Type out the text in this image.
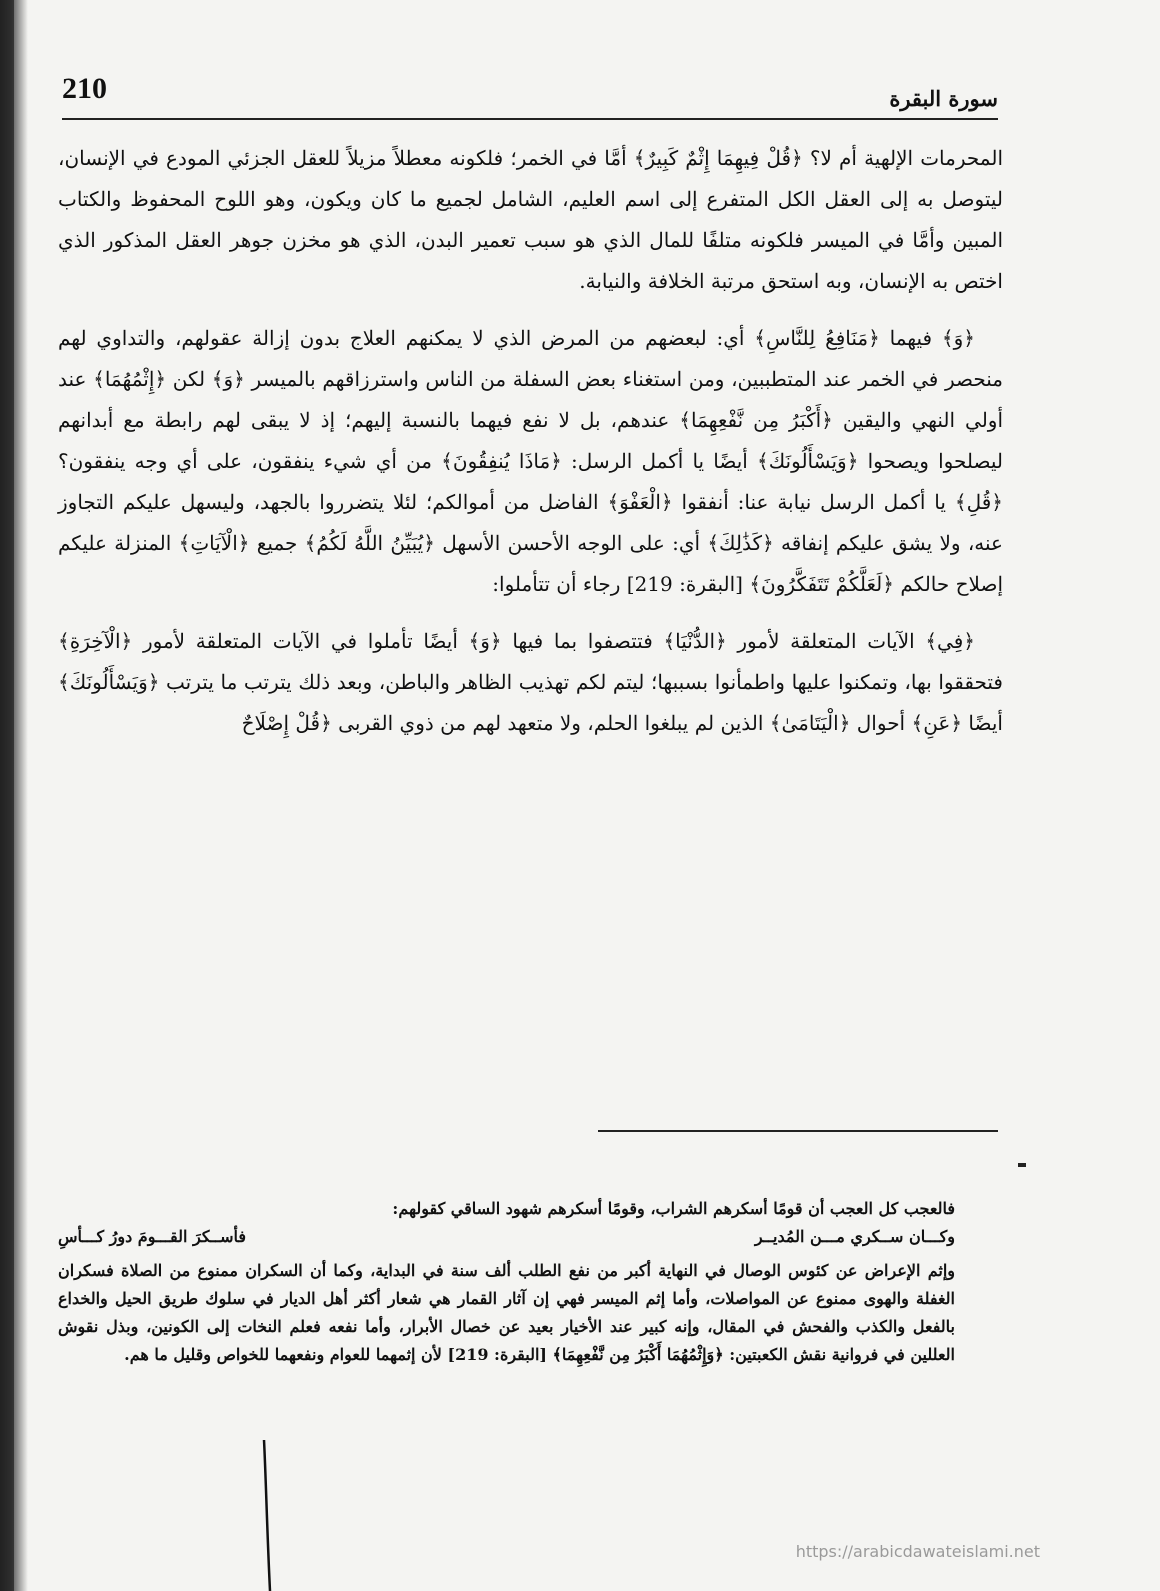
210	سورة البقرة

المحرمات الإلهية أم لا؟ ﴿قُلْ فِيهِمَا إِثْمٌ كَبِيرٌ﴾ أمَّا في الخمر؛ فلكونه معطلاً مزيلاً للعقل الجزئي المودع في الإنسان، ليتوصل به إلى العقل الكل المتفرع إلى اسم العليم، الشامل لجميع ما كان ويكون، وهو اللوح المحفوظ والكتاب المبين وأمَّا في الميسر فلكونه متلفًا للمال الذي هو سبب تعمير البدن، الذي هو مخزن جوهر العقل المذكور الذي اختص به الإنسان، وبه استحق مرتبة الخلافة والنيابة.

﴿وَ﴾ فيهما ﴿مَنَافِعُ لِلنَّاسِ﴾ أي: لبعضهم من المرض الذي لا يمكنهم العلاج بدون إزالة عقولهم، والتداوي لهم منحصر في الخمر عند المتطببين، ومن استغناء بعض السفلة من الناس واسترزاقهم بالميسر ﴿وَ﴾ لكن ﴿إِثْمُهُمَا﴾ عند أولي النهي واليقين ﴿أَكْبَرُ مِن نَّفْعِهِمَا﴾ عندهم، بل لا نفع فيهما بالنسبة إليهم؛ إذ لا يبقى لهم رابطة مع أبدانهم ليصلحوا ويصحوا ﴿وَيَسْأَلُونَكَ﴾ أيضًا يا أكمل الرسل: ﴿مَاذَا يُنفِقُونَ﴾ من أي شيء ينفقون، على أي وجه ينفقون؟ ﴿قُلِ﴾ يا أكمل الرسل نيابة عنا: أنفقوا ﴿الْعَفْوَ﴾ الفاضل من أموالكم؛ لئلا يتضرروا بالجهد، وليسهل عليكم التجاوز عنه، ولا يشق عليكم إنفاقه ﴿كَذَٰلِكَ﴾ أي: على الوجه الأحسن الأسهل ﴿يُبَيِّنُ اللَّهُ لَكُمُ﴾ جميع ﴿الْآيَاتِ﴾ المنزلة عليكم إصلاح حالكم ﴿لَعَلَّكُمْ تَتَفَكَّرُونَ﴾ [البقرة: 219] رجاء أن تتأملوا:

﴿فِي﴾ الآيات المتعلقة لأمور ﴿الدُّنْيَا﴾ فتتصفوا بما فيها ﴿وَ﴾ أيضًا تأملوا في الآيات المتعلقة لأمور ﴿الْآخِرَةِ﴾ فتحققوا بها، وتمكنوا عليها واطمأنوا بسببها؛ ليتم لكم تهذيب الظاهر والباطن، وبعد ذلك يترتب ما يترتب ﴿وَيَسْأَلُونَكَ﴾ أيضًا ﴿عَنِ﴾ أحوال ﴿الْيَتَامَىٰ﴾ الذين لم يبلغوا الحلم، ولا متعهد لهم من ذوي القربى ﴿قُلْ إِصْلَاحٌ

فالعجب كل العجب أن قومًا أسكرهم الشراب، وقومًا أسكرهم شهود الساقي كقولهم:

وكـــان ســكري مـــن المُديــر
فأســكرَ القـــومَ دورُ كـــأسِ

وإثم الإعراض عن كئوس الوصال في النهاية أكبر من نفع الطلب ألف سنة في البداية، وكما أن السكران ممنوع من الصلاة فسكران الغفلة والهوى ممنوع عن المواصلات، وأما إثم الميسر فهي إن آثار القمار هي شعار أكثر أهل الديار في سلوك طريق الحيل والخداع بالفعل والكذب والفحش في المقال، وإنه كبير عند الأخيار بعيد عن خصال الأبرار، وأما نفعه فعلم النخات إلى الكونين، وبذل نقوش العللين في فروانية نقش الكعبتين: ﴿وَإِثْمُهُمَا أَكْبَرُ مِن نَّفْعِهِمَا﴾ [البقرة: 219] لأن إثمهما للعوام ونفعهما للخواص وقليل ما هم.

https://arabicdawateislami.net
